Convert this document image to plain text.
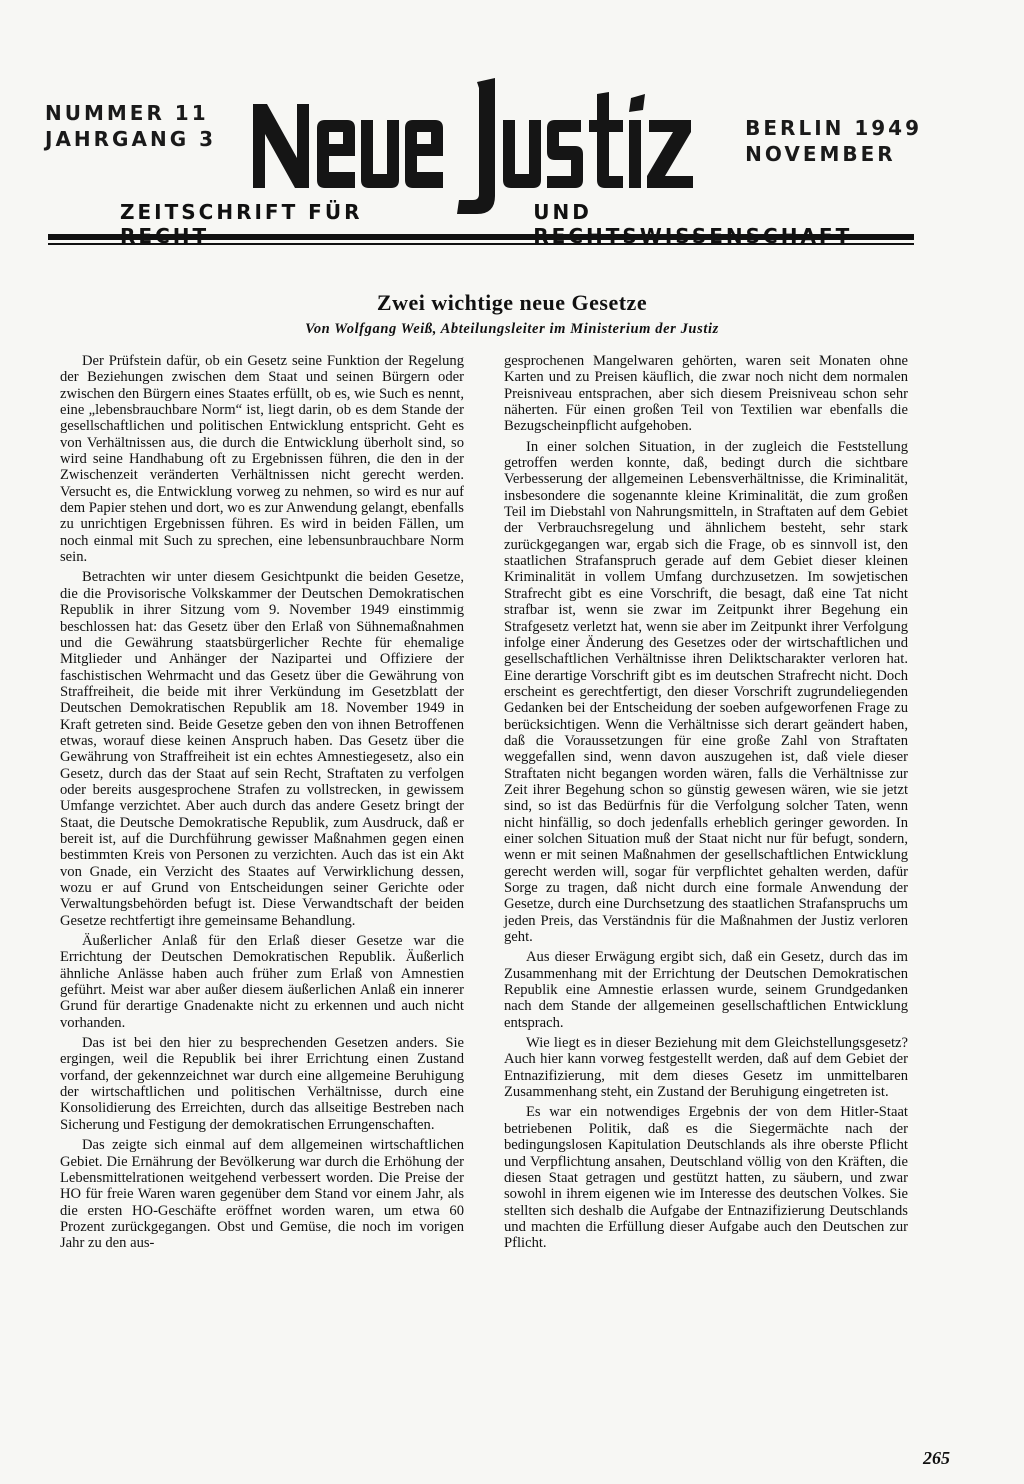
NUMMER 11
JAHRGANG 3	BERLIN 1949
NOVEMBER
ZEITSCHRIFT FÜR	UND
Zwei wichtige neue Gesetze
Von Wolfgang Weiß, Abteilungsleiter im Ministerium der Justiz

Der Prüfstein dafür, ob ein Gesetz seine Funktion der Regelung der Beziehungen zwischen dem Staat und seinen Bürgern oder zwischen den Bürgern eines Staates erfüllt, ob es, wie Such es nennt, eine „lebensbrauchbare Norm“ ist, liegt darin, ob es dem Stande der gesellschaftlichen und politischen Entwicklung entspricht. Geht es von Verhältnissen aus, die durch die Entwicklung überholt sind, so wird seine Handhabung oft zu Ergebnissen führen, die den in der Zwischenzeit veränderten Verhältnissen nicht gerecht werden. Versucht es, die Entwicklung vorweg zu nehmen, so wird es nur auf dem Papier stehen und dort, wo es zur Anwendung gelangt, ebenfalls zu unrichtigen Ergebnissen führen. Es wird in beiden Fällen, um noch einmal mit Such zu sprechen, eine lebensunbrauchbare Norm sein.

Betrachten wir unter diesem Gesichtpunkt die beiden Gesetze, die die Provisorische Volkskammer der Deutschen Demokratischen Republik in ihrer Sitzung vom 9. November 1949 einstimmig beschlossen hat: das Gesetz über den Erlaß von Sühnemaßnahmen und die Gewährung staatsbürgerlicher Rechte für ehemalige Mitglieder und Anhänger der Nazipartei und Offiziere der faschistischen Wehrmacht und das Gesetz über die Gewährung von Straffreiheit, die beide mit ihrer Verkündung im Gesetzblatt der Deutschen Demokratischen Republik am 18. November 1949 in Kraft getreten sind. Beide Gesetze geben den von ihnen Betroffenen etwas, worauf diese keinen Anspruch haben. Das Gesetz über die Gewährung von Straffreiheit ist ein echtes Amnestiegesetz, also ein Gesetz, durch das der Staat auf sein Recht, Straftaten zu verfolgen oder bereits ausgesprochene Strafen zu vollstrecken, in gewissem Umfange verzichtet. Aber auch durch das andere Gesetz bringt der Staat, die Deutsche Demokratische Republik, zum Ausdruck, daß er bereit ist, auf die Durchführung gewisser Maßnahmen gegen einen bestimmten Kreis von Personen zu verzichten. Auch das ist ein Akt von Gnade, ein Verzicht des Staates auf Verwirklichung dessen, wozu er auf Grund von Entscheidungen seiner Gerichte oder Verwaltungsbehörden befugt ist. Diese Verwandtschaft der beiden Gesetze rechtfertigt ihre gemeinsame Behandlung.

Äußerlicher Anlaß für den Erlaß dieser Gesetze war die Errichtung der Deutschen Demokratischen Republik. Äußerlich ähnliche Anlässe haben auch früher zum Erlaß von Amnestien geführt. Meist war aber außer diesem äußerlichen Anlaß ein innerer Grund für derartige Gnadenakte nicht zu erkennen und auch nicht vorhanden.

Das ist bei den hier zu besprechenden Gesetzen anders. Sie ergingen, weil die Republik bei ihrer Errichtung einen Zustand vorfand, der gekennzeichnet war durch eine allgemeine Beruhigung der wirtschaftlichen und politischen Verhältnisse, durch eine Konsolidierung des Erreichten, durch das allseitige Bestreben nach Sicherung und Festigung der demokratischen Errungenschaften.

Das zeigte sich einmal auf dem allgemeinen wirtschaftlichen Gebiet. Die Ernährung der Bevölkerung war durch die Erhöhung der Lebensmittelrationen weitgehend verbessert worden. Die Preise der HO für freie Waren waren gegenüber dem Stand vor einem Jahr, als die ersten HO-Geschäfte eröffnet worden waren, um etwa 60 Prozent zurückgegangen. Obst und Gemüse, die noch im vorigen Jahr zu den aus-

gesprochenen Mangelwaren gehörten, waren seit Monaten ohne Karten und zu Preisen käuflich, die zwar noch nicht dem normalen Preisniveau entsprachen, aber sich diesem Preisniveau schon sehr näherten. Für einen großen Teil von Textilien war ebenfalls die Bezugscheinpflicht aufgehoben.

In einer solchen Situation, in der zugleich die Feststellung getroffen werden konnte, daß, bedingt durch die sichtbare Verbesserung der allgemeinen Lebensverhältnisse, die Kriminalität, insbesondere die sogenannte kleine Kriminalität, die zum großen Teil im Diebstahl von Nahrungsmitteln, in Straftaten auf dem Gebiet der Verbrauchsregelung und ähnlichem besteht, sehr stark zurückgegangen war, ergab sich die Frage, ob es sinnvoll ist, den staatlichen Strafanspruch gerade auf dem Gebiet dieser kleinen Kriminalität in vollem Umfang durchzusetzen. Im sowjetischen Strafrecht gibt es eine Vorschrift, die besagt, daß eine Tat nicht strafbar ist, wenn sie zwar im Zeitpunkt ihrer Begehung ein Strafgesetz verletzt hat, wenn sie aber im Zeitpunkt ihrer Verfolgung infolge einer Änderung des Gesetzes oder der wirtschaftlichen und gesellschaftlichen Verhältnisse ihren Deliktscharakter verloren hat. Eine derartige Vorschrift gibt es im deutschen Strafrecht nicht. Doch erscheint es gerechtfertigt, den dieser Vorschrift zugrundeliegenden Gedanken bei der Entscheidung der soeben aufgeworfenen Frage zu berücksichtigen. Wenn die Verhältnisse sich derart geändert haben, daß die Voraussetzungen für eine große Zahl von Straftaten weggefallen sind, wenn davon auszugehen ist, daß viele dieser Straftaten nicht begangen worden wären, falls die Verhältnisse zur Zeit ihrer Begehung schon so günstig gewesen wären, wie sie jetzt sind, so ist das Bedürfnis für die Verfolgung solcher Taten, wenn nicht hinfällig, so doch jedenfalls erheblich geringer geworden. In einer solchen Situation muß der Staat nicht nur für befugt, sondern, wenn er mit seinen Maßnahmen der gesellschaftlichen Entwicklung gerecht werden will, sogar für verpflichtet gehalten werden, dafür Sorge zu tragen, daß nicht durch eine formale Anwendung der Gesetze, durch eine Durchsetzung des staatlichen Strafanspruchs um jeden Preis, das Verständnis für die Maßnahmen der Justiz verloren geht.

Aus dieser Erwägung ergibt sich, daß ein Gesetz, durch das im Zusammenhang mit der Errichtung der Deutschen Demokratischen Republik eine Amnestie erlassen wurde, seinem Grundgedanken nach dem Stande der allgemeinen gesellschaftlichen Entwicklung entsprach.

Wie liegt es in dieser Beziehung mit dem Gleichstellungsgesetz? Auch hier kann vorweg festgestellt werden, daß auf dem Gebiet der Entnazifizierung, mit dem dieses Gesetz im unmittelbaren Zusammenhang steht, ein Zustand der Beruhigung eingetreten ist.

Es war ein notwendiges Ergebnis der von dem Hitler-Staat betriebenen Politik, daß es die Siegermächte nach der bedingungslosen Kapitulation Deutschlands als ihre oberste Pflicht und Verpflichtung ansahen, Deutschland völlig von den Kräften, die diesen Staat getragen und gestützt hatten, zu säubern, und zwar sowohl in ihrem eigenen wie im Interesse des deutschen Volkes. Sie stellten sich deshalb die Aufgabe der Entnazifizierung Deutschlands und machten die Erfüllung dieser Aufgabe auch den Deutschen zur Pflicht.

265
